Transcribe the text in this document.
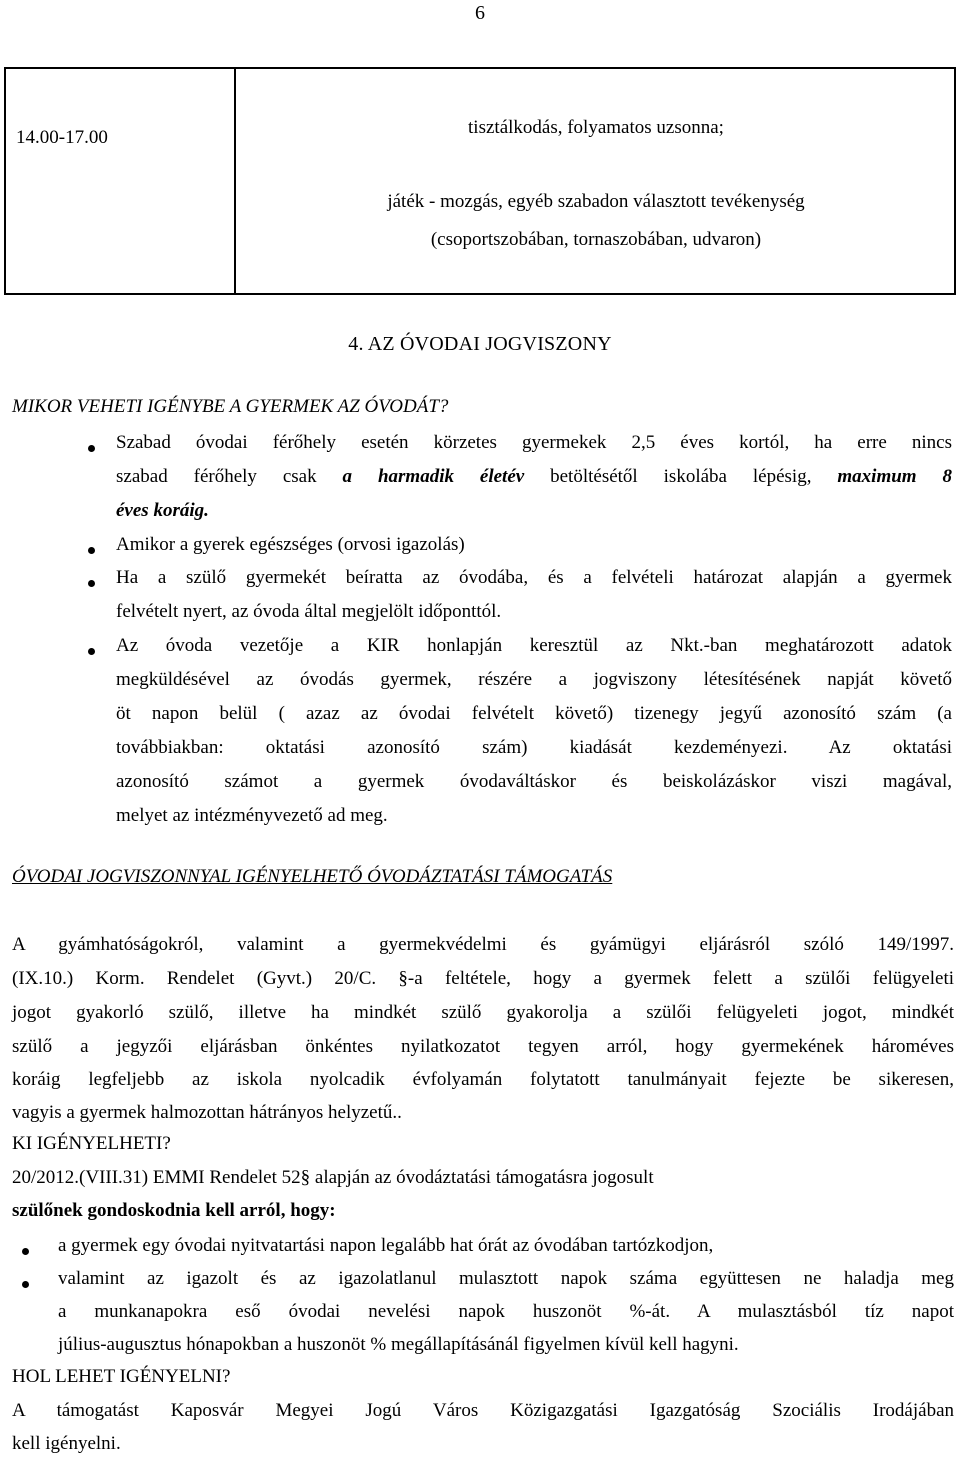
6
14.00-17.00	tisztálkodás, folyamatos uzsonna;
játék - mozgás, egyéb szabadon választott tevékenység
(csoportszobában, tornaszobában, udvaron)
4. AZ ÓVODAI JOGVISZONY
MIKOR VEHETI IGÉNYBE A GYERMEK AZ ÓVODÁT?
Szabad óvodai férőhely esetén körzetes gyermekek 2,5 éves kortól, ha erre nincs
szabad férőhely csak a harmadik életév betöltésétől iskolába lépésig, maximum 8
éves koráig.
Amikor a gyerek egészséges (orvosi igazolás)
Ha a szülő gyermekét beíratta az óvodába, és a felvételi határozat alapján a gyermek
felvételt nyert, az óvoda által megjelölt időponttól.
Az óvoda vezetője a KIR honlapján keresztül az Nkt.-ban meghatározott adatok
megküldésével az óvodás gyermek, részére a jogviszony létesítésének napját követő
öt napon belül ( azaz az óvodai felvételt követő) tizenegy jegyű azonosító szám (a
továbbiakban: oktatási azonosító szám) kiadását kezdeményezi. Az oktatási
azonosító számot a gyermek óvodaváltáskor és beiskolázáskor viszi magával,
melyet az intézményvezető ad meg.
ÓVODAI JOGVISZONNYAL IGÉNYELHETŐ ÓVODÁZTATÁSI TÁMOGATÁS
A gyámhatóságokról, valamint a gyermekvédelmi és gyámügyi eljárásról szóló 149/1997.
(IX.10.) Korm. Rendelet (Gyvt.) 20/C. §-a feltétele, hogy a gyermek felett a szülői felügyeleti
jogot gyakorló szülő, illetve ha mindkét szülő gyakorolja a szülői felügyeleti jogot, mindkét
szülő a jegyzői eljárásban önkéntes nyilatkozatot tegyen arról, hogy gyermekének hároméves
koráig legfeljebb az iskola nyolcadik évfolyamán folytatott tanulmányait fejezte be sikeresen,
vagyis a gyermek halmozottan hátrányos helyzetű..
KI IGÉNYELHETI?
20/2012.(VIII.31) EMMI Rendelet 52§ alapján az óvodáztatási támogatásra jogosult
szülőnek gondoskodnia kell arról, hogy:
a gyermek egy óvodai nyitvatartási napon legalább hat órát az óvodában tartózkodjon,
valamint az igazolt és az igazolatlanul mulasztott napok száma együttesen ne haladja meg
a munkanapokra eső óvodai nevelési napok huszonöt %-át. A mulasztásból tíz napot
július-augusztus hónapokban a huszonöt % megállapításánál figyelmen kívül kell hagyni.
HOL LEHET IGÉNYELNI?
A támogatást Kaposvár Megyei Jogú Város Közigazgatási Igazgatóság Szociális Irodájában
kell igényelni.
